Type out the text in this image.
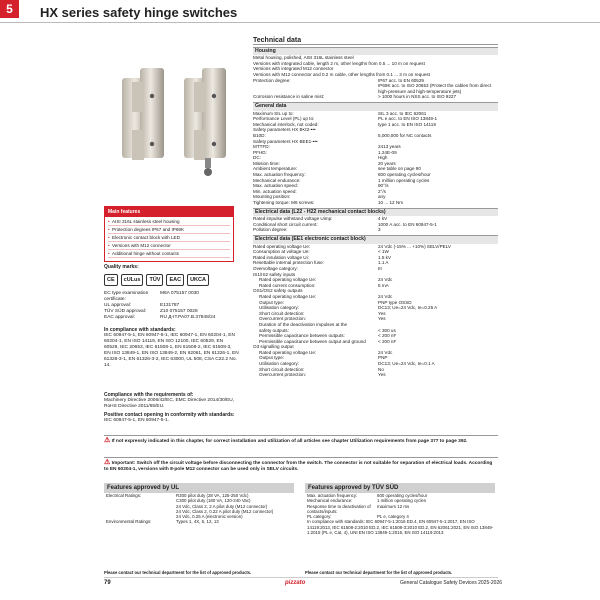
5	HX series safety hinge switches
Main features
• AISI 316L stainless steel housing
• Protection degrees IP67 and IP69K
• Electronic contact block with LED
• Versions with M12 connector
• Additional hinge without contacts
Quality marks:
CE	cULus	TÜV	EAC	UKCA
EC type examination certificate:
M6A 075157 0030
UL approval:	E131787
TÜV SÜD approval:	Z10 075157 0028
EAC approval:	RU Д-IT.PA07.B.37848/24
In compliance with standards:
IEC 60947-5-1, EN 60947-5-1, IEC 60947-1, EN 60204-1, EN 60204-1, EN ISO 14119, EN ISO 12100, IEC 60529, EN 60529, IEC 20653, IEC 61508-1, EN 61508-2, IEC 61508-3, EN ISO 13849-1, EN ISO 13849-2, EN 62061, EN 61326-1, EN 61326-3-1, EN 61326-3-2, IEC 63000, UL 508, CSA C22.2 No. 14.
Compliance with the requirements of:
Machinery Directive 2006/42/EC, EMC Directive 2014/30/EU, RoHS Directive 2011/65/EU.
Positive contact opening in conformity with standards:
IEC 60947-5-1, EN 60947-5-1.
Technical data
Housing
Metal housing, polished, AISI 316L stainless steel
Versions with integrated cable, length 2 m, other lengths from 0.5 ... 10 m on request
Versions with integrated M12 connector
Versions with M12 connector and 0.2 m cable, other lengths from 0.1 ... 3 m on request
Protection degree:	IP67 acc. to EN 60529
IP69K acc. to ISO 20653 (Protect the cables from direct high-pressure and high-temperature jets)
Corrosion resistance in saline mist:	> 1000 hours in NSS acc. to ISO 9227
General data
Maximum SIL up to:	SIL 3 acc. to IEC 62061
Performance Level (PL) up to:	PL e acc. to EN ISO 13849-1
Mechanical interlock, not coded:	type 1 acc. to EN ISO 14119
Safety parameters HX B•22-•••
B10D:	5,000,000 for NC contacts
Safety parameters HX BEE1-•••
MTTFD:	2413 years
PFHD:	1.24E-09
DC:	High
Mission time:	20 years
Ambient temperature:	see table on page 90
Max. actuation frequency:	600 operating cycles/hour
Mechanical endurance:	1 million operating cycles
Max. actuation speed:	90°/s
Min. actuation speed:	2°/s
Mounting position:	any
Tightening torque: M6 screws:	10 ... 12 Nm
Electrical data (L22 - H22 mechanical contact blocks)
Rated impulse withstand voltage Uimp:	4 kV
Conditional short circuit current:	1000 A acc. to EN 60947-5-1
Pollution degree:	3
Electrical data (EE1 electronic contact block)
Rated operating voltage Ue:	24 Vdc (-15% ... +10%) SELV/PELV
Consumption at voltage Ue:	< 1W
Rated insulation voltage Ui:	1.5 kV
Resettable internal protection fuse:	1.1 A
Overvoltage category:	III
IS1/IS2 safety inputs
Rated operating voltage Ue:	24 Vdc
Rated current consumption:	5 mA
OS1/OS2 safety outputs
Rated operating voltage Ue:	24 Vdc
Output type:	PNP type OSSD
Utilisation category:	DC13; Ue=24 Vdc, Ie=0.25 A
Short circuit detection:	Yes
Overcurrent protection:	Yes
Duration of the deactivation impulses at the
safety outputs:	< 300 us
Permissible capacitance between outputs:	< 200 nF
Permissible capacitance between output and ground	< 200 nF
O3 signalling output
Rated operating voltage Ue:	24 Vdc
Output type:	PNP
Utilisation category:	DC13; Ue=24 Vdc, Ie=0.1 A
Short circuit detection:	No
Overcurrent protection:	Yes
⚠ If not expressly indicated in this chapter, for correct installation and utilization of all articles see chapter Utilization requirements from page 377 to page 392.
⚠ Important: Switch off the circuit voltage before disconnecting the connector from the switch. The connector is not suitable for separation of electrical loads. According to EN 60204-1, versions with 8-pole M12 connector can be used only in SELV circuits.
Features approved by UL
Electrical Ratings:	R300 pilot duty (28 VA, 125-250 Vdc)
C300 pilot duty (180 VA, 120-240 Vac)
24 Vdc, Class 2, 2 A pilot duty (M12 connector)
24 Vdc, Class 2, 0.22 A pilot duty (M12 connector)
24 Vdc, 0.25 A (electronic version)
Environmental Ratings:	Types 1, 4X, 6, 12, 13
Please contact our technical department for the list of approved products.
Features approved by TÜV SÜD
Max. actuation frequency:	600 operating cycles/hour
Mechanical endurance:	1 million operating cycles
Response time to deactivation of contacts/inputs:
maximum 12 ms
PL category:	PL e, category 4
In compliance with standards: IEC 60947-5-1:2016 ED.4, EN 60947-5-1:2017, EN ISO 14119:2013, IEC 61508-2:2010 ED.2, IEC 61508-3:2010 ED.2, EN 62061:2021, EN ISO 13849-1:2015 (PL e, Cat. 4), UNI EN ISO 13849-1:2016, EN ISO 14119:2013
Please contact our technical department for the list of approved products.
79	pizzato	General Catalogue Safety Devices 2025-2026
